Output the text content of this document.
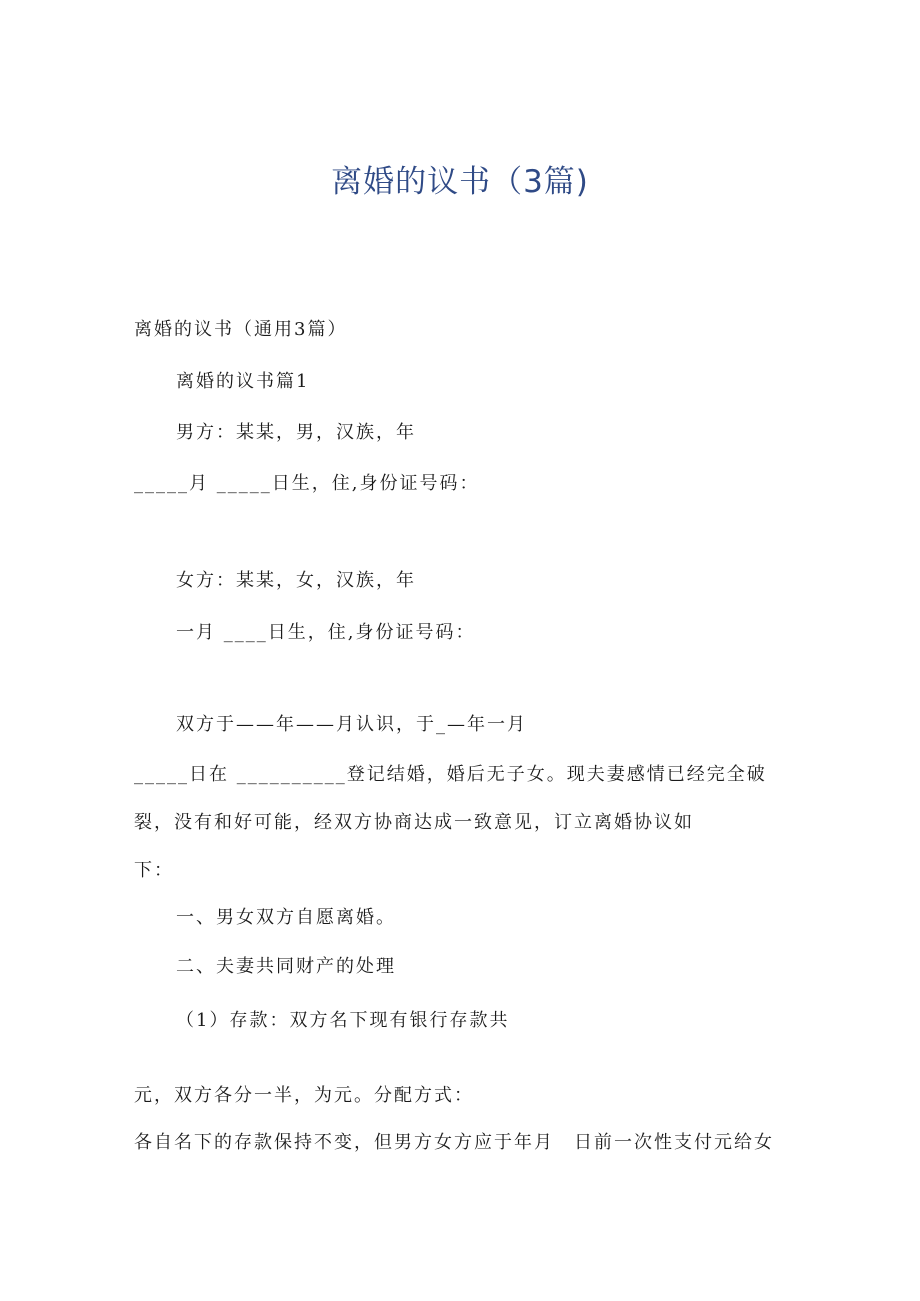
离婚的议书（3篇)
离婚的议书（通用3篇）
离婚的议书篇1
男方：某某，男，汉族，年
_____月 _____日生，住,身份证号码：
女方：某某，女，汉族，年
一月 ____日生，住,身份证号码：
双方于——年——月认识，于_—年一月
_____日在 __________登记结婚，婚后无子女。现夫妻感情已经完全破
裂，没有和好可能，经双方协商达成一致意见，订立离婚协议如
下：
一、男女双方自愿离婚。
二、夫妻共同财产的处理
（1）存款：双方名下现有银行存款共
元，双方各分一半，为元。分配方式：
各自名下的存款保持不变，但男方女方应于年月　日前一次性支付元给女
